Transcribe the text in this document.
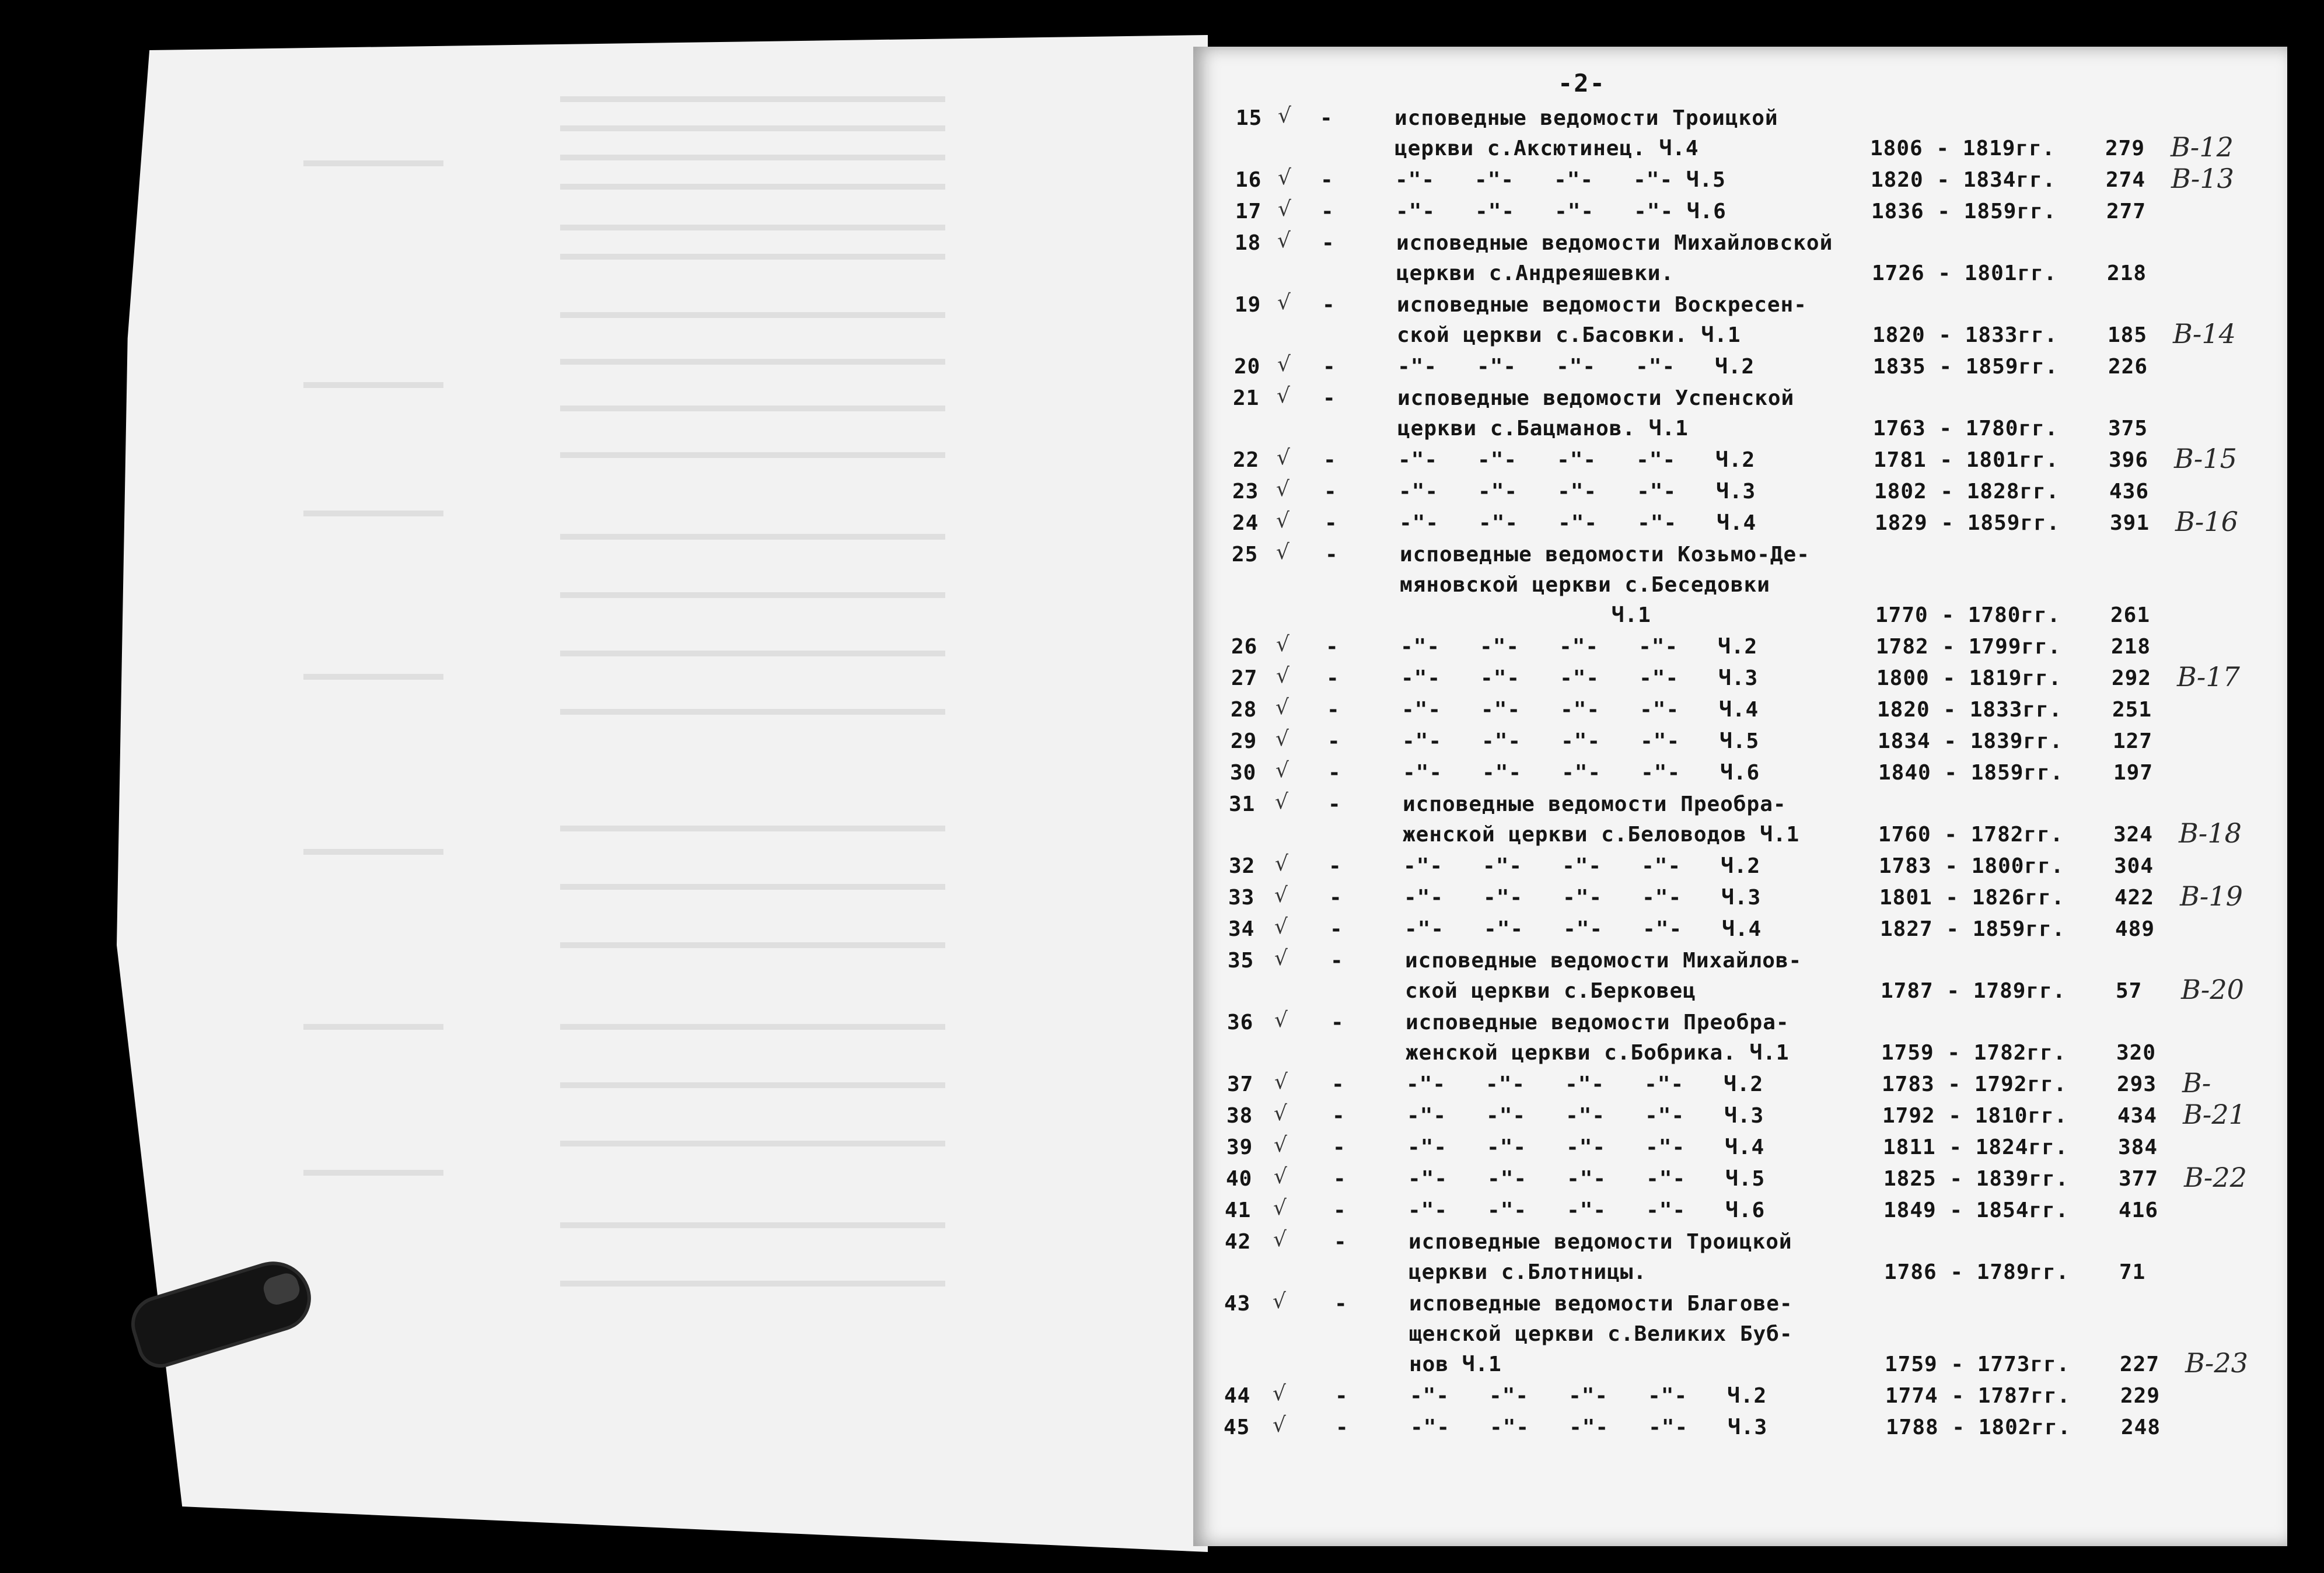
-2-
15 √ -	исповедные ведомости Троицкой
церкви с.Аксютинец. Ч.4	1806 - 1819гг. 279 В-12
16 √ -	-"-   -"-   -"-   -"- Ч.5	1820 - 1834гг. 274 В-13
17 √ -	-"-   -"-   -"-   -"- Ч.6	1836 - 1859гг. 277
18 √ -	исповедные ведомости Михайловской
церкви с.Андреяшевки.	1726 - 1801гг. 218
19 √ -	исповедные ведомости Воскресен-
ской церкви с.Басовки. Ч.1	1820 - 1833гг. 185 В-14
20 √ -	-"-   -"-   -"-   -"-   Ч.2	1835 - 1859гг. 226
21 √ -	исповедные ведомости Успенской
церкви с.Бацманов. Ч.1	1763 - 1780гг. 375
22 √ -	-"-   -"-   -"-   -"-   Ч.2	1781 - 1801гг. 396 В-15
23 √ -	-"-   -"-   -"-   -"-   Ч.3	1802 - 1828гг. 436
24 √ -	-"-   -"-   -"-   -"-   Ч.4	1829 - 1859гг. 391 В-16
25 √ -	исповедные ведомости Козьмо-Де-
мяновской церкви с.Беседовки
Ч.1	1770 - 1780гг. 261
26 √ -	-"-   -"-   -"-   -"-   Ч.2	1782 - 1799гг. 218
27 √ -	-"-   -"-   -"-   -"-   Ч.3	1800 - 1819гг. 292 В-17
28 √ -	-"-   -"-   -"-   -"-   Ч.4	1820 - 1833гг. 251
29 √ -	-"-   -"-   -"-   -"-   Ч.5	1834 - 1839гг. 127
30 √ -	-"-   -"-   -"-   -"-   Ч.6	1840 - 1859гг. 197
31 √ -	исповедные ведомости Преобра-
женской церкви с.Беловодов Ч.1	1760 - 1782гг. 324 В-18
32 √ -	-"-   -"-   -"-   -"-   Ч.2	1783 - 1800гг. 304
33 √ -	-"-   -"-   -"-   -"-   Ч.3	1801 - 1826гг. 422 В-19
34 √ -	-"-   -"-   -"-   -"-   Ч.4	1827 - 1859гг. 489
35 √ -	исповедные ведомости Михайлов-
ской церкви с.Берковец	1787 - 1789гг. 57 В-20
36 √ -	исповедные ведомости Преобра-
женской церкви с.Бобрика. Ч.1	1759 - 1782гг. 320
37 √ -	-"-   -"-   -"-   -"-   Ч.2	1783 - 1792гг. 293 В-
38 √ -	-"-   -"-   -"-   -"-   Ч.3	1792 - 1810гг. 434 В-21
39 √ -	-"-   -"-   -"-   -"-   Ч.4	1811 - 1824гг. 384
40 √ -	-"-   -"-   -"-   -"-   Ч.5	1825 - 1839гг. 377 В-22
41 √ -	-"-   -"-   -"-   -"-   Ч.6	1849 - 1854гг. 416
42 √ -	исповедные ведомости Троицкой
церкви с.Блотницы.	1786 - 1789гг. 71
43 √ -	исповедные ведомости Благове-
щенской церкви с.Великих Буб-
нов Ч.1	1759 - 1773гг. 227 В-23
44 √ -	-"-   -"-   -"-   -"-   Ч.2	1774 - 1787гг. 229
45 √ -	-"-   -"-   -"-   -"-   Ч.3	1788 - 1802гг. 248
